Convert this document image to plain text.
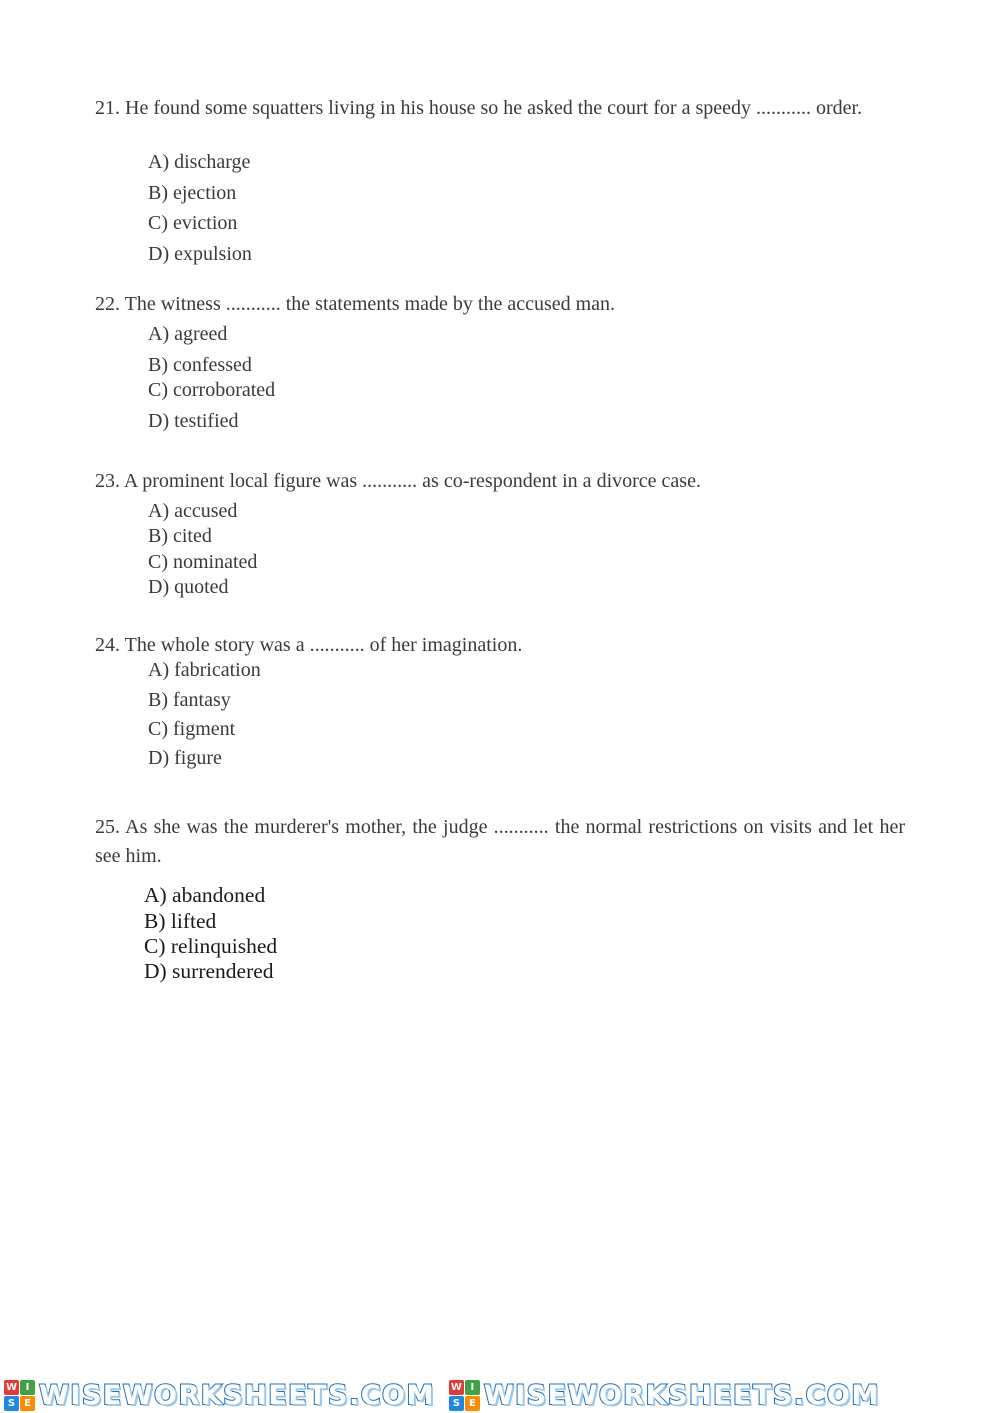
21. He found some squatters living in his house so he asked the court for a speedy ........... order.

A) discharge
B) ejection
C) eviction
D) expulsion

22. The witness ........... the statements made by the accused man.

A) agreed
B) confessed
C) corroborated
D) testified

23. A prominent local figure was ........... as co-respondent in a divorce case.

A) accused
B) cited
C) nominated
D) quoted

24. The whole story was a ........... of her imagination.

A) fabrication
B) fantasy
C) figment
D) figure

25. As she was the murderer's mother, the judge ........... the normal restrictions on visits and let her see him.

A) abandoned
B) lifted
C) relinquished
D) surrendered
W I
S E WISEWORKSHEETS.COM W I
S E WISEWORKSHEETS.COM
